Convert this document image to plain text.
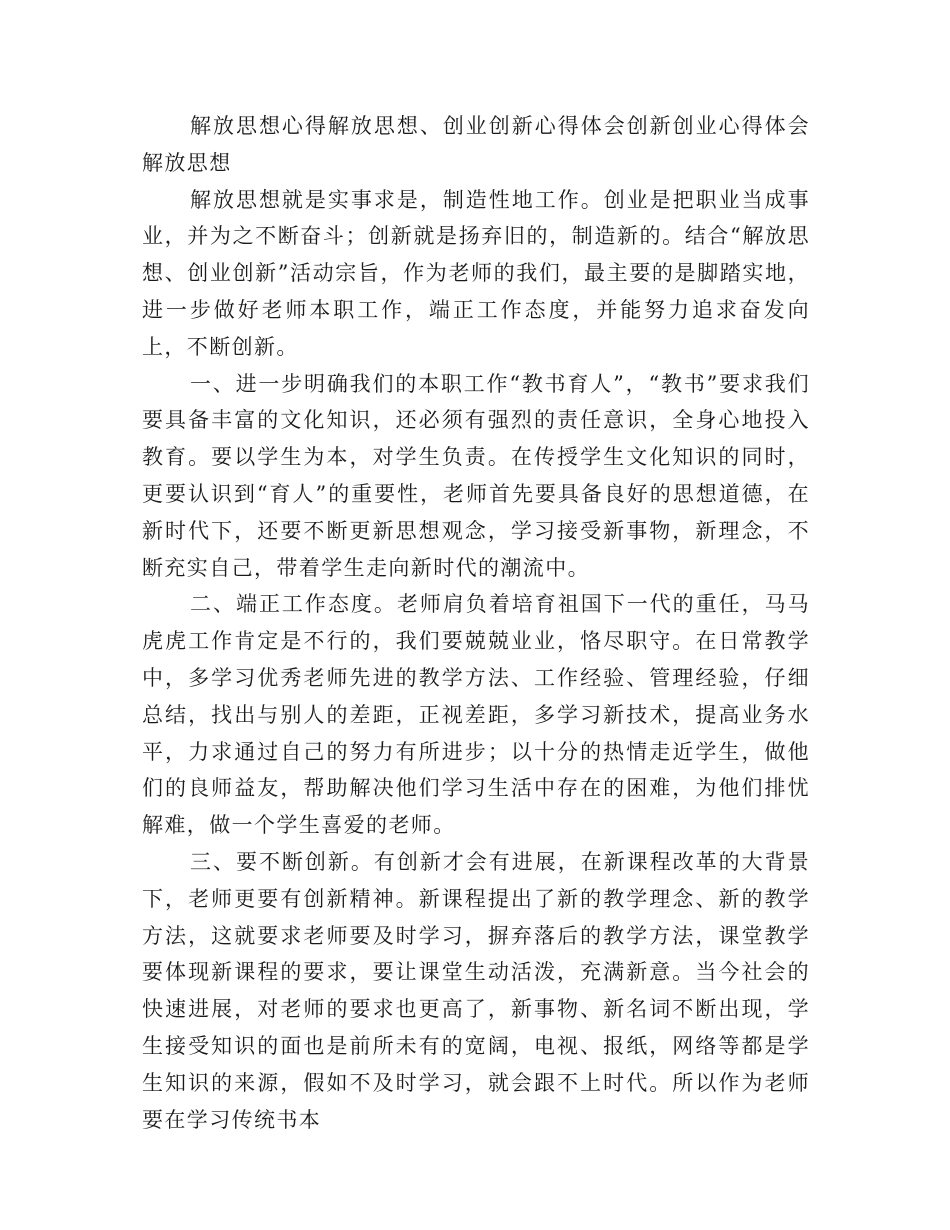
解放思想心得解放思想、创业创新心得体会创新创业心得体会解放思想

解放思想就是实事求是，制造性地工作。创业是把职业当成事业，并为之不断奋斗；创新就是扬弃旧的，制造新的。结合“解放思想、创业创新”活动宗旨，作为老师的我们，最主要的是脚踏实地，进一步做好老师本职工作，端正工作态度，并能努力追求奋发向上，不断创新。

一、进一步明确我们的本职工作“教书育人”，“教书”要求我们要具备丰富的文化知识，还必须有强烈的责任意识，全身心地投入教育。要以学生为本，对学生负责。在传授学生文化知识的同时，更要认识到“育人”的重要性，老师首先要具备良好的思想道德，在新时代下，还要不断更新思想观念，学习接受新事物，新理念，不断充实自己，带着学生走向新时代的潮流中。

二、端正工作态度。老师肩负着培育祖国下一代的重任，马马虎虎工作肯定是不行的，我们要兢兢业业，恪尽职守。在日常教学中，多学习优秀老师先进的教学方法、工作经验、管理经验，仔细总结，找出与别人的差距，正视差距，多学习新技术，提高业务水平，力求通过自己的努力有所进步；以十分的热情走近学生，做他们的良师益友，帮助解决他们学习生活中存在的困难，为他们排忧解难，做一个学生喜爱的老师。

三、要不断创新。有创新才会有进展，在新课程改革的大背景下，老师更要有创新精神。新课程提出了新的教学理念、新的教学方法，这就要求老师要及时学习，摒弃落后的教学方法，课堂教学要体现新课程的要求，要让课堂生动活泼，充满新意。当今社会的快速进展，对老师的要求也更高了，新事物、新名词不断出现，学生接受知识的面也是前所未有的宽阔，电视、报纸，网络等都是学生知识的来源，假如不及时学习，就会跟不上时代。所以作为老师要在学习传统书本
